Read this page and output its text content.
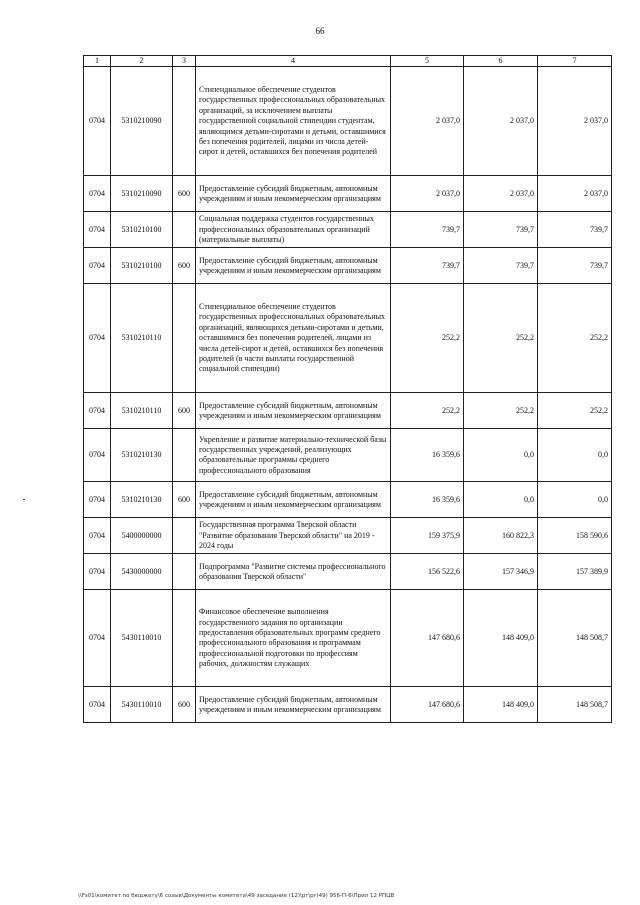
66
1	2	3	4	5	6	7
0704	5310210090		Стипендиальное обеспечение студентов государственных профессиональных образовательных организаций, за исключением выплаты государственной социальной стипендии студентам, являющимся детьми-сиротами и детьми, оставшимися без попечения родителей, лицами из числа детей-сирот и детей, оставшихся без попечения родителей	2 037,0	2 037,0	2 037,0
0704	5310210090	600	Предоставление субсидий бюджетным, автономным учреждениям и иным некоммерческим организациям	2 037,0	2 037,0	2 037,0
0704	5310210100		Социальная поддержка студентов государственных профессиональных образовательных организаций (материальные выплаты)	739,7	739,7	739,7
0704	5310210100	600	Предоставление субсидий бюджетным, автономным учреждениям и иным некоммерческим организациям	739,7	739,7	739,7
0704	5310210110		Стипендиальное обеспечение студентов государственных профессиональных образовательных организаций, являющихся детьми-сиротами и детьми, оставшимися без попечения родителей, лицами из числа детей-сирот и детей, оставшихся без попечения родителей (в части выплаты государственной социальной стипендии)	252,2	252,2	252,2
0704	5310210110	600	Предоставление субсидий бюджетным, автономным учреждениям и иным некоммерческим организациям	252,2	252,2	252,2
0704	5310210130		Укрепление и развитие материально-технической базы государственных учреждений, реализующих образовательные программы среднего профессионального образования	16 359,6	0,0	0,0
0704	5310210130	600	Предоставление субсидий бюджетным, автономным учреждениям и иным некоммерческим организациям	16 359,6	0,0	0,0
0704	5400000000		Государственная программа Тверской области "Развитие образования Тверской области" на 2019 - 2024 годы	159 375,9	160 822,3	158 590,6
0704	5430000000		Подпрограмма "Развитие системы профессионального образования Тверской области"	156 522,6	157 346,9	157 389,9
0704	5430110010		Финансовое обеспечение выполнения государственного задания по организации предоставления образовательных программ среднего профессионального образования и программам профессиональной подготовки по профессиям рабочих, должностям служащих	147 680,6	148 409,0	148 508,7
0704	5430110010	600	Предоставление субсидий бюджетным, автономным учреждениям и иным некоммерческим организациям	147 680,6	148 409,0	148 508,7
\\Fs01\комитет по бюджету\6 созыв\Документы комитета\49 заседание (12)\рг\рг(49) 956-П-6\Прил 12 РПЦВ
